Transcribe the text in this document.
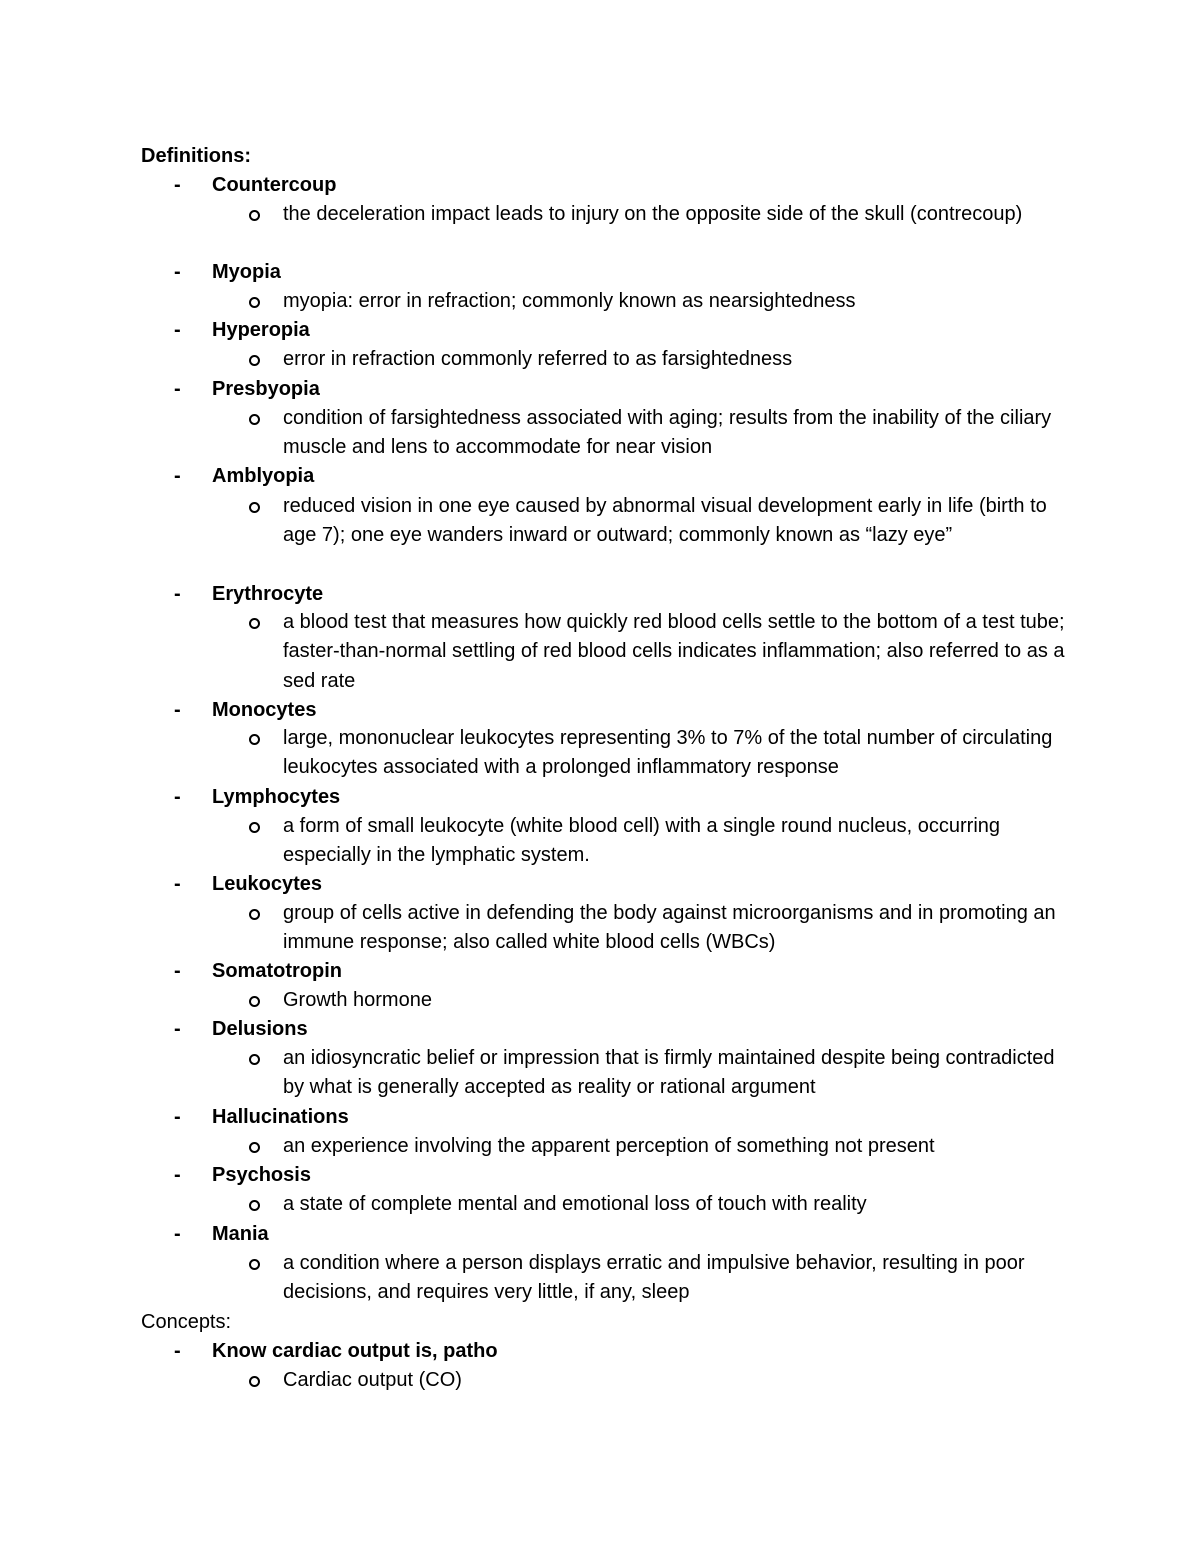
Definitions:
- Countercoup
the deceleration impact leads to injury on the opposite side of the skull (contrecoup)
- Myopia
myopia: error in refraction; commonly known as nearsightedness
- Hyperopia
error in refraction commonly referred to as farsightedness
- Presbyopia
condition of farsightedness associated with aging; results from the inability of the ciliary muscle and lens to accommodate for near vision
- Amblyopia
reduced vision in one eye caused by abnormal visual development early in life (birth to age 7); one eye wanders inward or outward; commonly known as “lazy eye”
- Erythrocyte
a blood test that measures how quickly red blood cells settle to the bottom of a test tube; faster-than-normal settling of red blood cells indicates inflammation; also referred to as a sed rate
- Monocytes
large, mononuclear leukocytes representing 3% to 7% of the total number of circulating leukocytes associated with a prolonged inflammatory response
- Lymphocytes
a form of small leukocyte (white blood cell) with a single round nucleus, occurring especially in the lymphatic system.
- Leukocytes
group of cells active in defending the body against microorganisms and in promoting an immune response; also called white blood cells (WBCs)
- Somatotropin
Growth hormone
- Delusions
an idiosyncratic belief or impression that is firmly maintained despite being contradicted by what is generally accepted as reality or rational argument
- Hallucinations
an experience involving the apparent perception of something not present
- Psychosis
a state of complete mental and emotional loss of touch with reality
- Mania
a condition where a person displays erratic and impulsive behavior, resulting in poor decisions, and requires very little, if any, sleep
Concepts:
- Know cardiac output is, patho
Cardiac output (CO)
